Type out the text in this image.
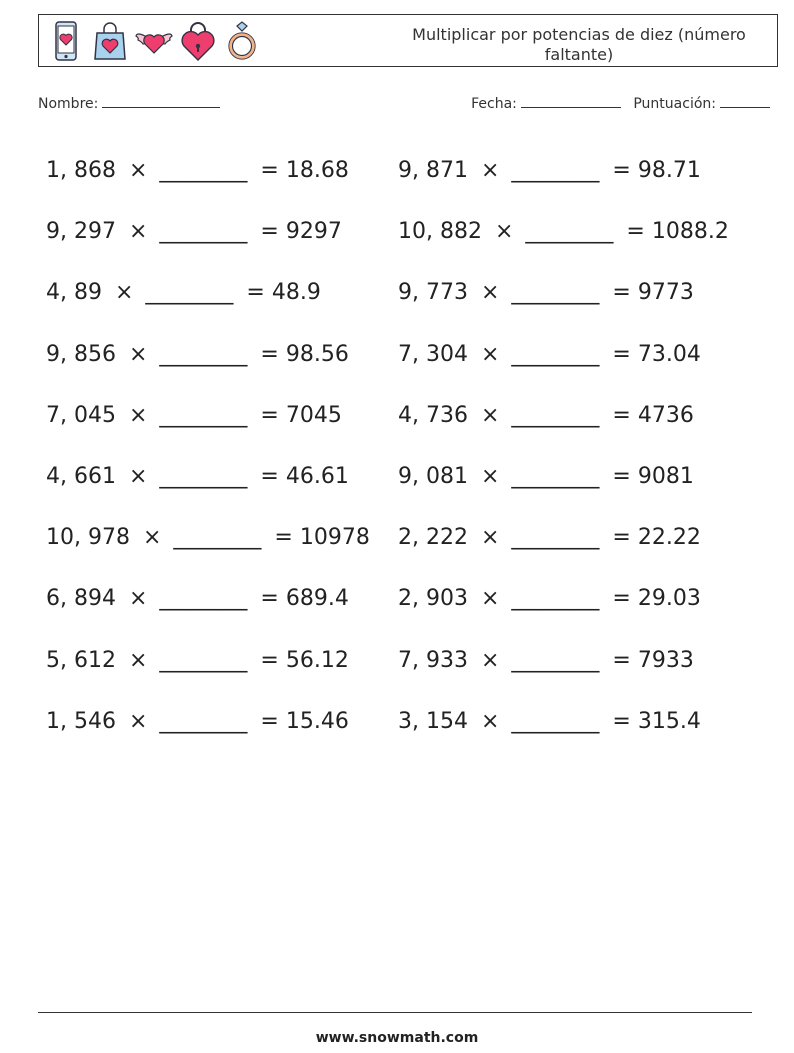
Multiplicar por potencias de diez (número faltante)
Nombre:	Fecha:	Puntuación:
1, 868 × ________ = 18.68	9, 871 × ________ = 98.71
9, 297 × ________ = 9297	10, 882 × ________ = 1088.2
4, 89 × ________ = 48.9	9, 773 × ________ = 9773
9, 856 × ________ = 98.56	7, 304 × ________ = 73.04
7, 045 × ________ = 7045	4, 736 × ________ = 4736
4, 661 × ________ = 46.61	9, 081 × ________ = 9081
10, 978 × ________ = 10978	2, 222 × ________ = 22.22
6, 894 × ________ = 689.4	2, 903 × ________ = 29.03
5, 612 × ________ = 56.12	7, 933 × ________ = 7933
1, 546 × ________ = 15.46	3, 154 × ________ = 315.4
www.snowmath.com
